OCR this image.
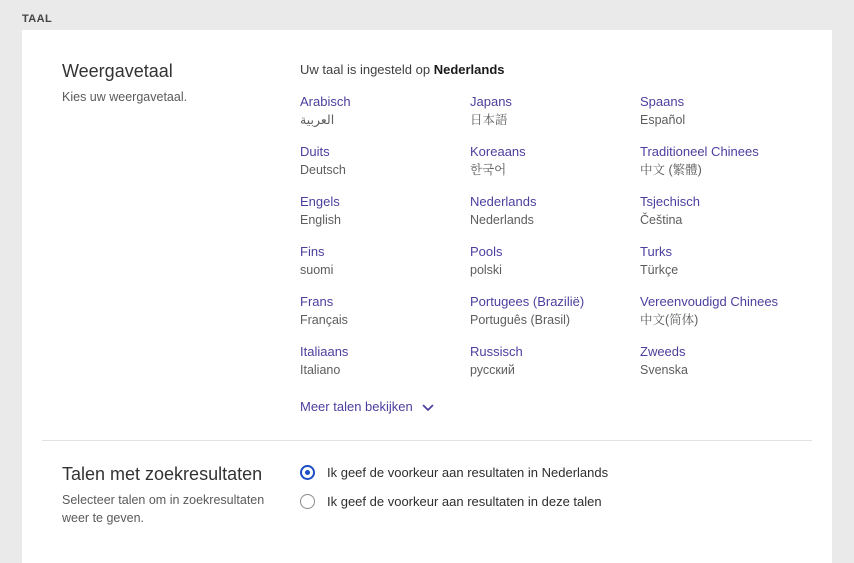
TAAL
Weergavetaal
Kies uw weergavetaal.
Uw taal is ingesteld op Nederlands
Arabisch
العربية
Japans
日本語
Spaans
Español
Duits
Deutsch
Koreaans
한국어
Traditioneel Chinees
中文 (繁體)
Engels
English
Nederlands
Nederlands
Tsjechisch
Čeština
Fins
suomi
Pools
polski
Turks
Türkçe
Frans
Français
Portugees (Brazilië)
Português (Brasil)
Vereenvoudigd Chinees
中文(简体)
Italiaans
Italiano
Russisch
русский
Zweeds
Svenska
Meer talen bekijken
Talen met zoekresultaten
Selecteer talen om in zoekresultaten weer te geven.
Ik geef de voorkeur aan resultaten in Nederlands
Ik geef de voorkeur aan resultaten in deze talen
